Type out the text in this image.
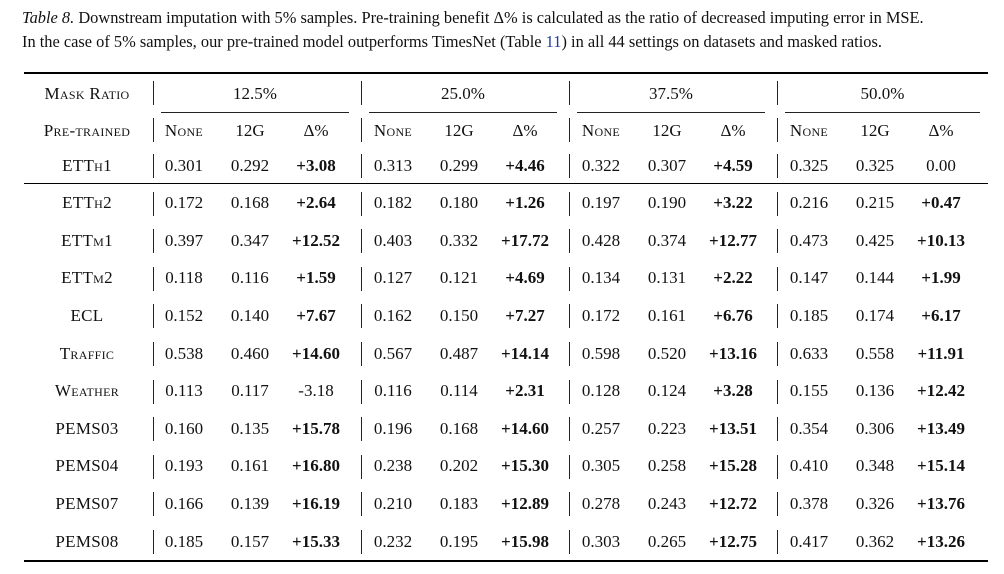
Table 8. Downstream imputation with 5% samples. Pre-training benefit Δ% is calculated as the ratio of decreased imputing error in MSE.
In the case of 5% samples, our pre-trained model outperforms TimesNet (Table 11) in all 44 settings on datasets and masked ratios.
Mask Ratio	12.5%	25.0%	37.5%	50.0%
Pre-trained	None	12G	Δ%	None	12G	Δ%	None	12G	Δ%	None	12G	Δ%
ETTh1	0.301	0.292	+3.08	0.313	0.299	+4.46	0.322	0.307	+4.59	0.325	0.325	0.00
ETTh2	0.172	0.168	+2.64	0.182	0.180	+1.26	0.197	0.190	+3.22	0.216	0.215	+0.47
ETTm1	0.397	0.347	+12.52	0.403	0.332	+17.72	0.428	0.374	+12.77	0.473	0.425	+10.13
ETTm2	0.118	0.116	+1.59	0.127	0.121	+4.69	0.134	0.131	+2.22	0.147	0.144	+1.99
ECL	0.152	0.140	+7.67	0.162	0.150	+7.27	0.172	0.161	+6.76	0.185	0.174	+6.17
Traffic	0.538	0.460	+14.60	0.567	0.487	+14.14	0.598	0.520	+13.16	0.633	0.558	+11.91
Weather	0.113	0.117	-3.18	0.116	0.114	+2.31	0.128	0.124	+3.28	0.155	0.136	+12.42
PEMS03	0.160	0.135	+15.78	0.196	0.168	+14.60	0.257	0.223	+13.51	0.354	0.306	+13.49
PEMS04	0.193	0.161	+16.80	0.238	0.202	+15.30	0.305	0.258	+15.28	0.410	0.348	+15.14
PEMS07	0.166	0.139	+16.19	0.210	0.183	+12.89	0.278	0.243	+12.72	0.378	0.326	+13.76
PEMS08	0.185	0.157	+15.33	0.232	0.195	+15.98	0.303	0.265	+12.75	0.417	0.362	+13.26
